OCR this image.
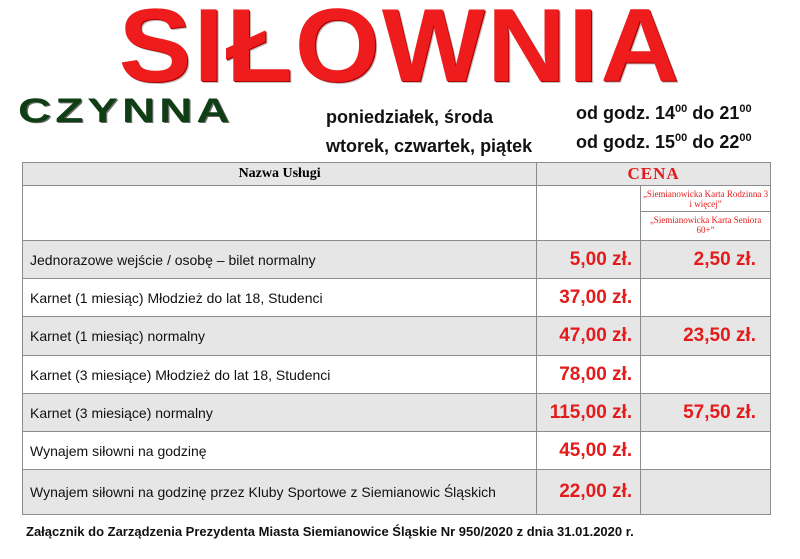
SIŁOWNIA
CZYNNA	poniedziałek, środa	od godz. $14^{00}$ do $21^{00}$
wtorek, czwartek, piątek od godz. $15^{00}$ do $22^{00}$
Nazwa Usługi	CENA	

		„Siemianowicka Karta Rodzinna 3 i więcej”
„Siemianowicka Karta Seniora 60+”

Jednorazowe wejście / osobę – bilet normalny	5,00 zł.	2,50 zł.
Karnet (1 miesiąc) Młodzież do lat 18, Studenci	37,00 zł.	
Karnet (1 miesiąc) normalny	47,00 zł.	23,50 zł.
Karnet (3 miesiące) Młodzież do lat 18, Studenci	78,00 zł.	
Karnet (3 miesiące) normalny	115,00 zł.	57,50 zł.
Wynajem siłowni na godzinę	45,00 zł.	
Wynajem siłowni na godzinę przez Kluby Sportowe z Siemianowic Śląskich	22,00 zł.	
Załącznik do Zarządzenia Prezydenta Miasta Siemianowice Śląskie Nr 950/2020 z dnia 31.01.2020 r.
